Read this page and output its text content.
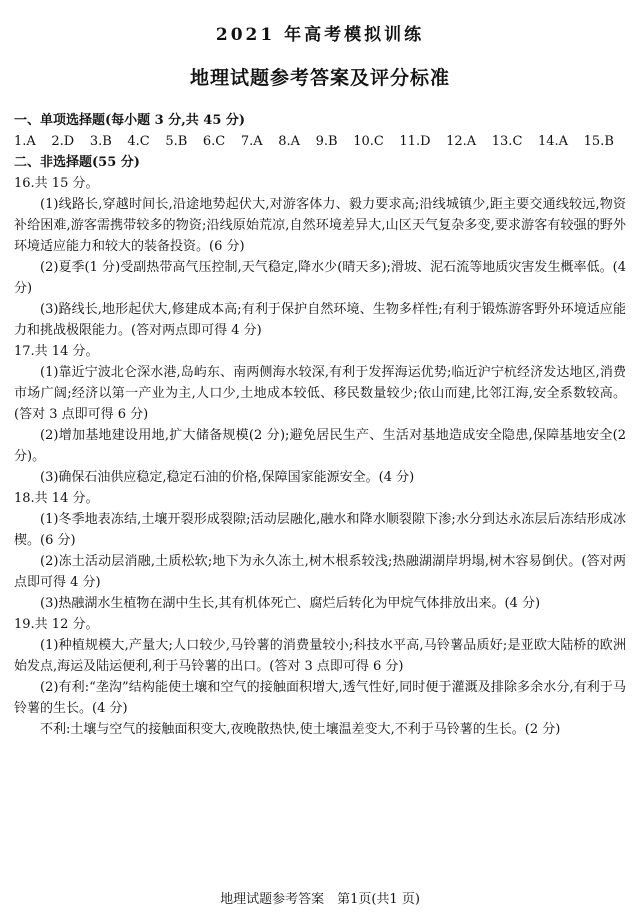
2021 年高考模拟训练
地理试题参考答案及评分标准
一、单项选择题(每小题 3 分,共 45 分)
1.A 2.D 3.B 4.C 5.B 6.C 7.A 8.A 9.B 10.C 11.D 12.A 13.C 14.A 15.B
二、非选择题(55 分)
16.共 15 分。
(1)线路长,穿越时间长,沿途地势起伏大,对游客体力、毅力要求高;沿线城镇少,距主要交通线较远,物资补给困难,游客需携带较多的物资;沿线原始荒凉,自然环境差异大,山区天气复杂多变,要求游客有较强的野外环境适应能力和较大的装备投资。(6 分)
(2)夏季(1 分)受副热带高气压控制,天气稳定,降水少(晴天多);滑坡、泥石流等地质灾害发生概率低。(4 分)
(3)路线长,地形起伏大,修建成本高;有利于保护自然环境、生物多样性;有利于锻炼游客野外环境适应能力和挑战极限能力。(答对两点即可得 4 分)
17.共 14 分。
(1)靠近宁波北仑深水港,岛屿东、南两侧海水较深,有利于发挥海运优势;临近沪宁杭经济发达地区,消费市场广阔;经济以第一产业为主,人口少,土地成本较低、移民数量较少;依山而建,比邻江海,安全系数较高。(答对 3 点即可得 6 分)
(2)增加基地建设用地,扩大储备规模(2 分);避免居民生产、生活对基地造成安全隐患,保障基地安全(2 分)。
(3)确保石油供应稳定,稳定石油的价格,保障国家能源安全。(4 分)
18.共 14 分。
(1)冬季地表冻结,土壤开裂形成裂隙;活动层融化,融水和降水顺裂隙下渗;水分到达永冻层后冻结形成冰楔。(6 分)
(2)冻土活动层消融,土质松软;地下为永久冻土,树木根系较浅;热融湖湖岸坍塌,树木容易倒伏。(答对两点即可得 4 分)
(3)热融湖水生植物在湖中生长,其有机体死亡、腐烂后转化为甲烷气体排放出来。(4 分)
19.共 12 分。
(1)种植规模大,产量大;人口较少,马铃薯的消费量较小;科技水平高,马铃薯品质好;是亚欧大陆桥的欧洲始发点,海运及陆运便利,利于马铃薯的出口。(答对 3 点即可得 6 分)
(2)有利:“垄沟”结构能使土壤和空气的接触面积增大,透气性好,同时便于灌溉及排除多余水分,有利于马铃薯的生长。(4 分)
不利:土壤与空气的接触面积变大,夜晚散热快,使土壤温差变大,不利于马铃薯的生长。(2 分)
地理试题参考答案　第1页(共1 页)
